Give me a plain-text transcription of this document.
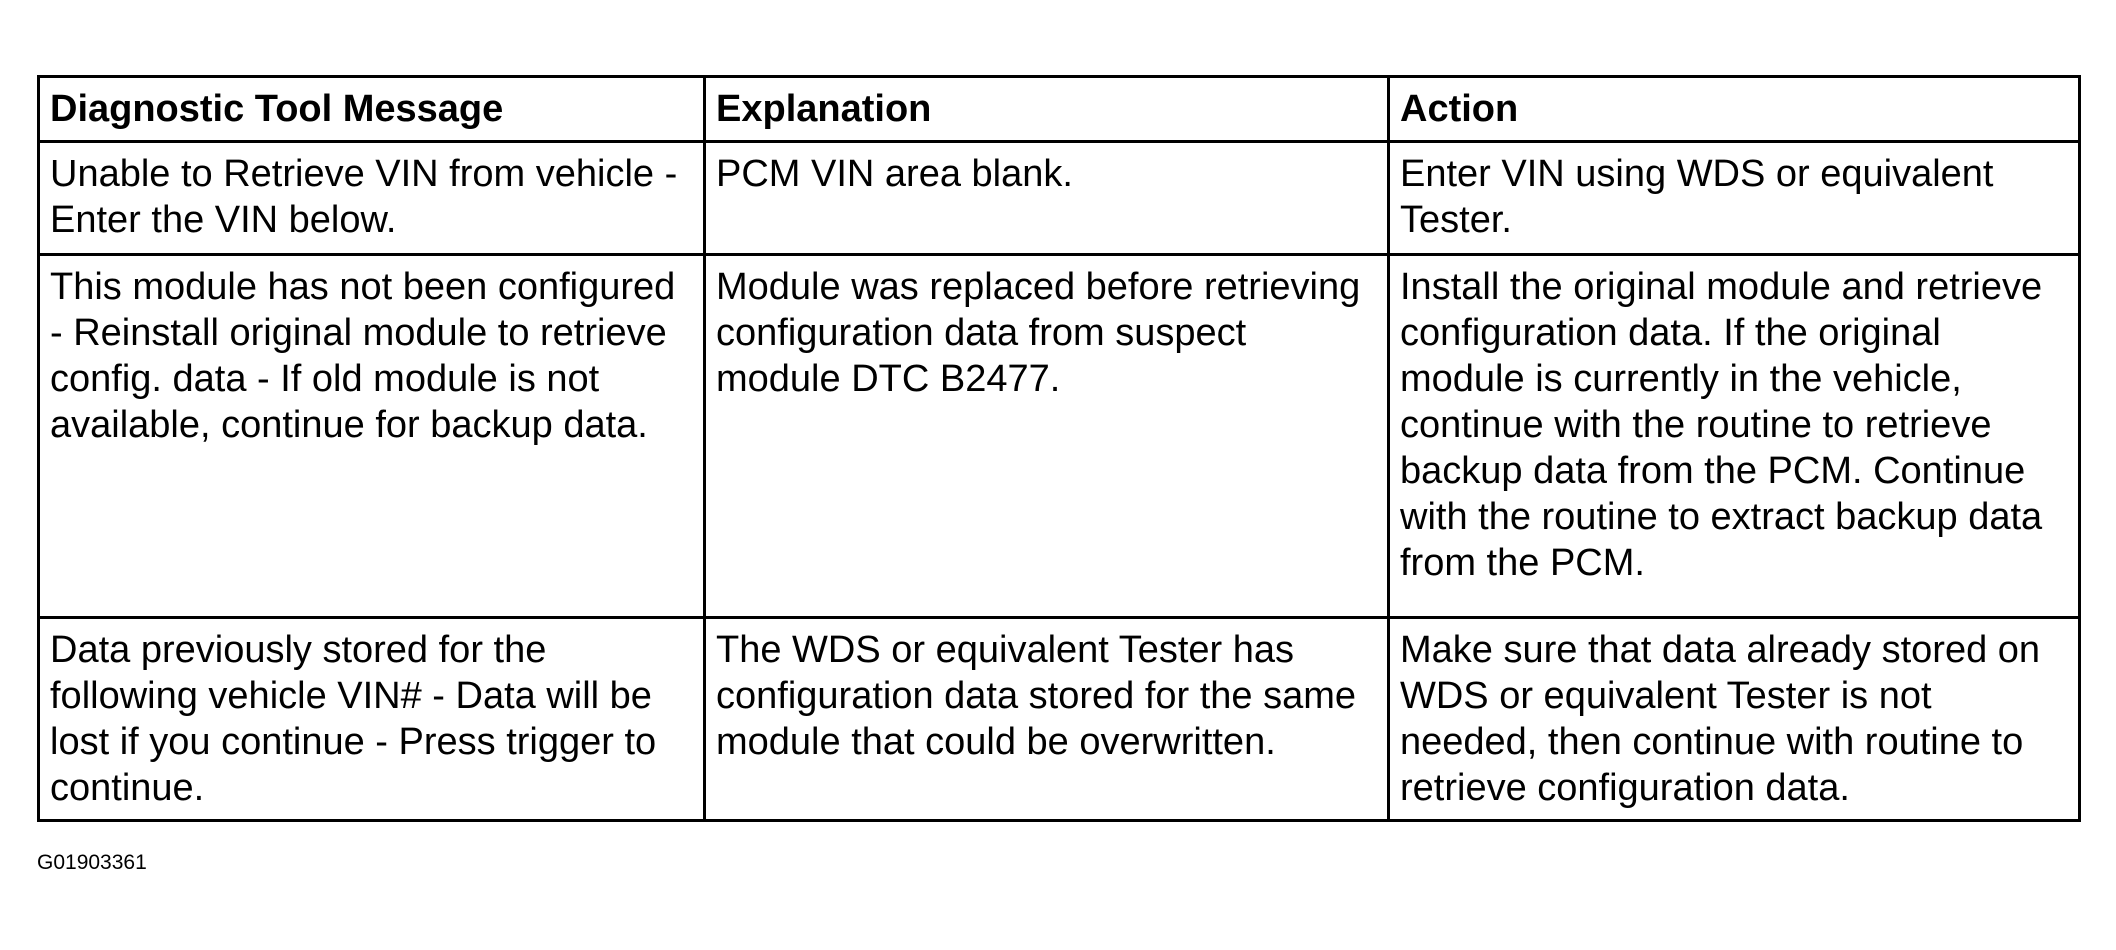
Diagnostic Tool Message	Explanation	Action
Unable to Retrieve VIN from vehicle - Enter the VIN below.	PCM VIN area blank.	Enter VIN using WDS or equivalent Tester.
This module has not been configured - Reinstall original module to retrieve config. data - If old module is not available, continue for backup data.	Module was replaced before retrieving configuration data from suspect module DTC B2477.	Install the original module and retrieve configuration data. If the original module is currently in the vehicle, continue with the routine to retrieve backup data from the PCM. Continue with the routine to extract backup data from the PCM.
Data previously stored for the following vehicle VIN# - Data will be lost if you continue - Press trigger to continue.	The WDS or equivalent Tester has configuration data stored for the same module that could be overwritten.	Make sure that data already stored on WDS or equivalent Tester is not needed, then continue with routine to retrieve configuration data.
G01903361
